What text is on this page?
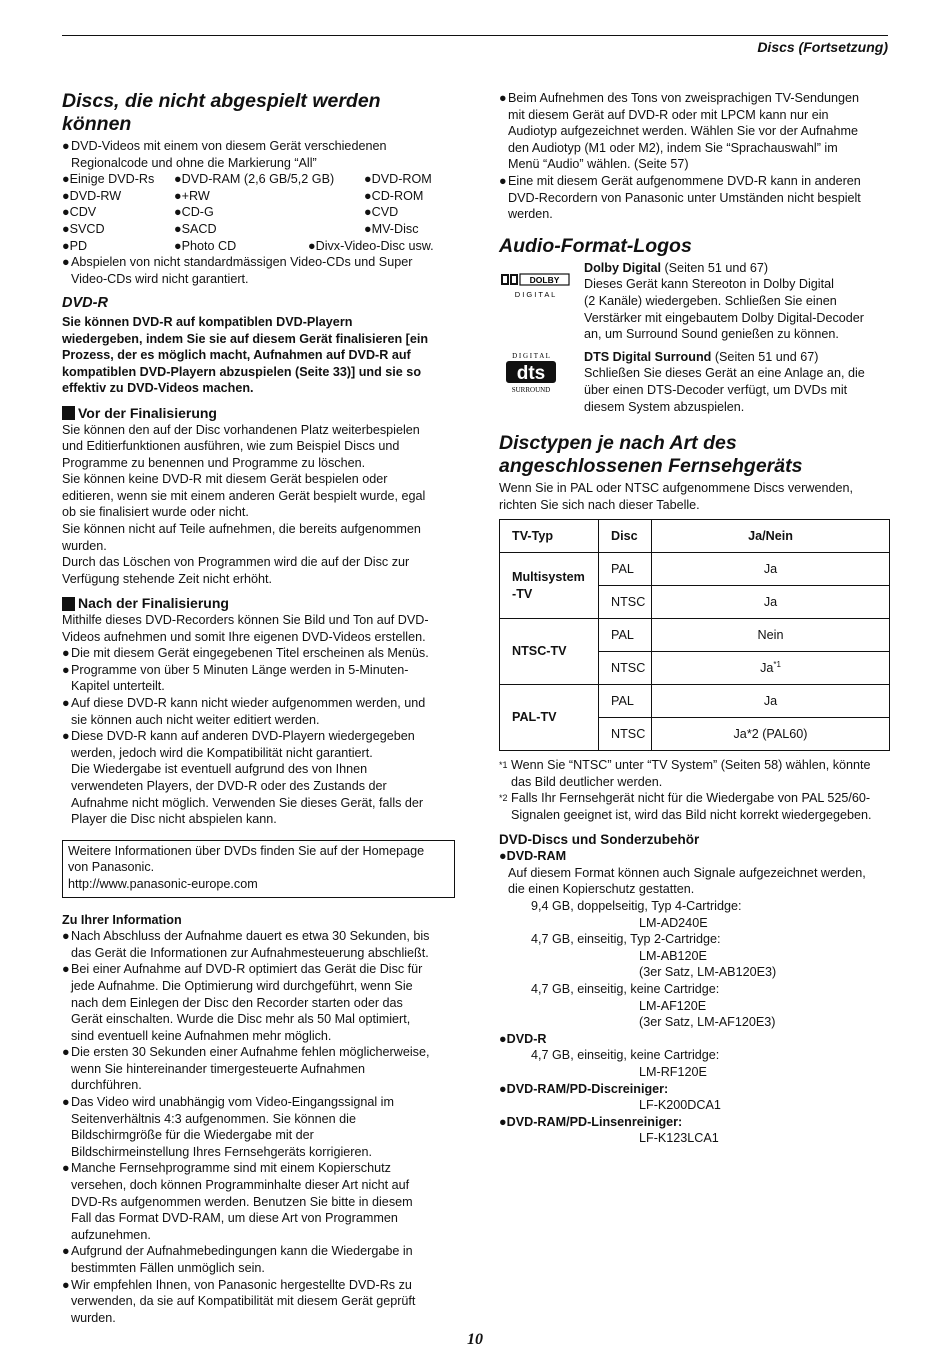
Discs (Fortsetzung)
Discs, die nicht abgespielt werden
können
● DVD-Videos mit einem von diesem Gerät verschiedenen
Regionalcode und ohne die Markierung “All”
●Einige DVD-Rs	●DVD-RAM (2,6 GB/5,2 GB)	●DVD-ROM
●DVD-RW	●+RW	●CD-ROM
●CDV	●CD-G	●CVD
●SVCD	●SACD	●MV-Disc
●PD	●Photo CD	●Divx-Video-Disc usw.
● Abspielen von nicht standardmässigen Video-CDs und Super
Video-CDs wird nicht garantiert.
DVD-R
Sie können DVD-R auf kompatiblen DVD-Playern
wiedergeben, indem Sie sie auf diesem Gerät finalisieren [ein
Prozess, der es möglich macht, Aufnahmen auf DVD-R auf
kompatiblen DVD-Playern abzuspielen (Seite 33)] und sie so
effektiv zu DVD-Videos machen.
Vor der Finalisierung
Sie können den auf der Disc vorhandenen Platz weiterbespielen
und Editierfunktionen ausführen, wie zum Beispiel Discs und
Programme zu benennen und Programme zu löschen.
Sie können keine DVD-R mit diesem Gerät bespielen oder
editieren, wenn sie mit einem anderen Gerät bespielt wurde, egal
ob sie finalisiert wurde oder nicht.
Sie können nicht auf Teile aufnehmen, die bereits aufgenommen
wurden.
Durch das Löschen von Programmen wird die auf der Disc zur
Verfügung stehende Zeit nicht erhöht.
Nach der Finalisierung
Mithilfe dieses DVD-Recorders können Sie Bild und Ton auf DVD-
Videos aufnehmen und somit Ihre eigenen DVD-Videos erstellen.
● Die mit diesem Gerät eingegebenen Titel erscheinen als Menüs.
● Programme von über 5 Minuten Länge werden in 5-Minuten-
Kapitel unterteilt.
● Auf diese DVD-R kann nicht wieder aufgenommen werden, und
sie können auch nicht weiter editiert werden.
● Diese DVD-R kann auf anderen DVD-Playern wiedergegeben
werden, jedoch wird die Kompatibilität nicht garantiert.
Die Wiedergabe ist eventuell aufgrund des von Ihnen
verwendeten Players, der DVD-R oder des Zustands der
Aufnahme nicht möglich. Verwenden Sie dieses Gerät, falls der
Player die Disc nicht abspielen kann.
Weitere Informationen über DVDs finden Sie auf der Homepage
von Panasonic.
http://www.panasonic-europe.com
Zu Ihrer Information
● Nach Abschluss der Aufnahme dauert es etwa 30 Sekunden, bis
das Gerät die Informationen zur Aufnahmesteuerung abschließt.
● Bei einer Aufnahme auf DVD-R optimiert das Gerät die Disc für
jede Aufnahme. Die Optimierung wird durchgeführt, wenn Sie
nach dem Einlegen der Disc den Recorder starten oder das
Gerät einschalten. Wurde die Disc mehr als 50 Mal optimiert,
sind eventuell keine Aufnahmen mehr möglich.
● Die ersten 30 Sekunden einer Aufnahme fehlen möglicherweise,
wenn Sie hintereinander timergesteuerte Aufnahmen
durchführen.
● Das Video wird unabhängig vom Video-Eingangssignal im
Seitenverhältnis 4:3 aufgenommen. Sie können die
Bildschirmgröße für die Wiedergabe mit der
Bildschirmeinstellung Ihres Fernsehgeräts korrigieren.
● Manche Fernsehprogramme sind mit einem Kopierschutz
versehen, doch können Programminhalte dieser Art nicht auf
DVD-Rs aufgenommen werden. Benutzen Sie bitte in diesem
Fall das Format DVD-RAM, um diese Art von Programmen
aufzunehmen.
● Aufgrund der Aufnahmebedingungen kann die Wiedergabe in
bestimmten Fällen unmöglich sein.
● Wir empfehlen Ihnen, von Panasonic hergestellte DVD-Rs zu
verwenden, da sie auf Kompatibilität mit diesem Gerät geprüft
wurden.
● Beim Aufnehmen des Tons von zweisprachigen TV-Sendungen
mit diesem Gerät auf DVD-R oder mit LPCM kann nur ein
Audiotyp aufgezeichnet werden. Wählen Sie vor der Aufnahme
den Audiotyp (M1 oder M2), indem Sie “Sprachauswahl” im
Menü “Audio” wählen. (Seite 57)
● Eine mit diesem Gerät aufgenommene DVD-R kann in anderen
DVD-Recordern von Panasonic unter Umständen nicht bespielt
werden.
Audio-Format-Logos
DOLBY
D I G I T A L
Dolby Digital (Seiten 51 und 67)
Dieses Gerät kann Stereoton in Dolby Digital
(2 Kanäle) wiedergeben. Schließen Sie einen
Verstärker mit eingebautem Dolby Digital-Decoder
an, um Surround Sound genießen zu können.
D I G I T A L
dts
SURROUND
DTS Digital Surround (Seiten 51 und 67)
Schließen Sie dieses Gerät an eine Anlage an, die
über einen DTS-Decoder verfügt, um DVDs mit
diesem System abzuspielen.
Disctypen je nach Art des
angeschlossenen Fernsehgeräts
Wenn Sie in PAL oder NTSC aufgenommene Discs verwenden,
richten Sie sich nach dieser Tabelle.
TV-Typ	Disc	Ja/Nein
Multisystem
-TV	PAL	Ja
	NTSC	Ja
NTSC-TV	PAL	Nein
	NTSC	Ja$^{*1}$
PAL-TV	PAL	Ja
	NTSC	Ja*2 (PAL60)
*1 Wenn Sie “NTSC” unter “TV System” (Seiten 58) wählen, könnte
das Bild deutlicher werden.
*2 Falls Ihr Fernsehgerät nicht für die Wiedergabe von PAL 525/60-
Signalen geeignet ist, wird das Bild nicht korrekt wiedergegeben.
DVD-Discs und Sonderzubehör
●DVD-RAM
Auf diesem Format können auch Signale aufgezeichnet werden,
die einen Kopierschutz gestatten.
9,4 GB, doppelseitig, Typ 4-Cartridge:
LM-AD240E
4,7 GB, einseitig, Typ 2-Cartridge:
LM-AB120E
(3er Satz, LM-AB120E3)
4,7 GB, einseitig, keine Cartridge:
LM-AF120E
(3er Satz, LM-AF120E3)
●DVD-R
4,7 GB, einseitig, keine Cartridge:
LM-RF120E
●DVD-RAM/PD-Discreiniger:
LF-K200DCA1
●DVD-RAM/PD-Linsenreiniger:
LF-K123LCA1
10
